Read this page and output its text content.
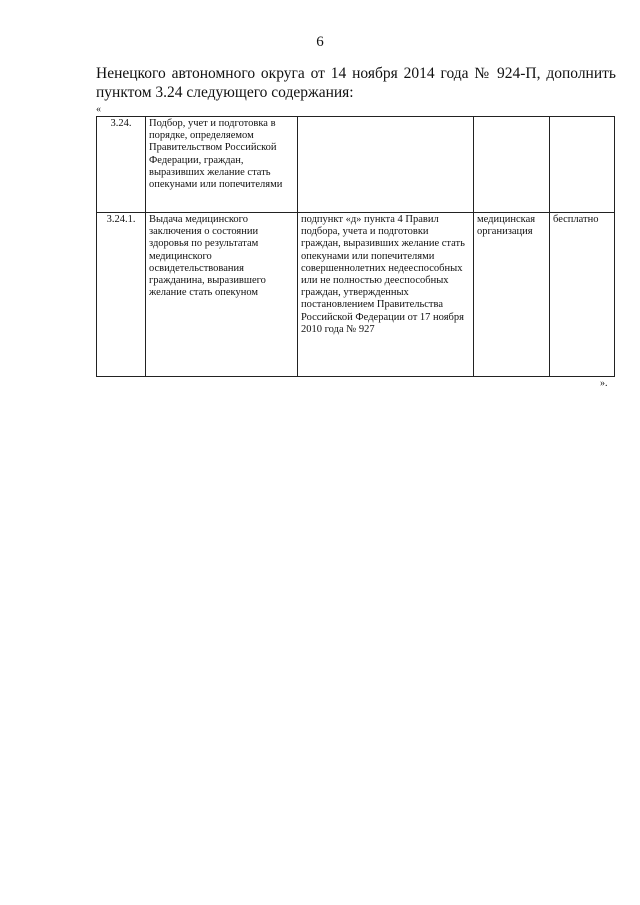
6
Ненецкого автономного округа от 14 ноября 2014 года № 924-П, дополнить
пунктом 3.24 следующего содержания:
«
3.24.	Подбор, учет и подготовка в порядке, определяемом Правительством Российской Федерации, граждан, выразивших желание стать опекунами или попечителями			
3.24.1.	Выдача медицинского заключения о состоянии здоровья по результатам медицинского освидетельствования гражданина, выразившего желание стать опекуном	подпункт «д» пункта 4 Правил подбора, учета и подготовки граждан, выразивших желание стать опекунами или попечителями совершеннолетних недееспособных или не полностью дееспособных граждан, утвержденных постановлением Правительства Российской Федерации от 17 ноября 2010 года № 927	медицинская организация	бесплатно
».
